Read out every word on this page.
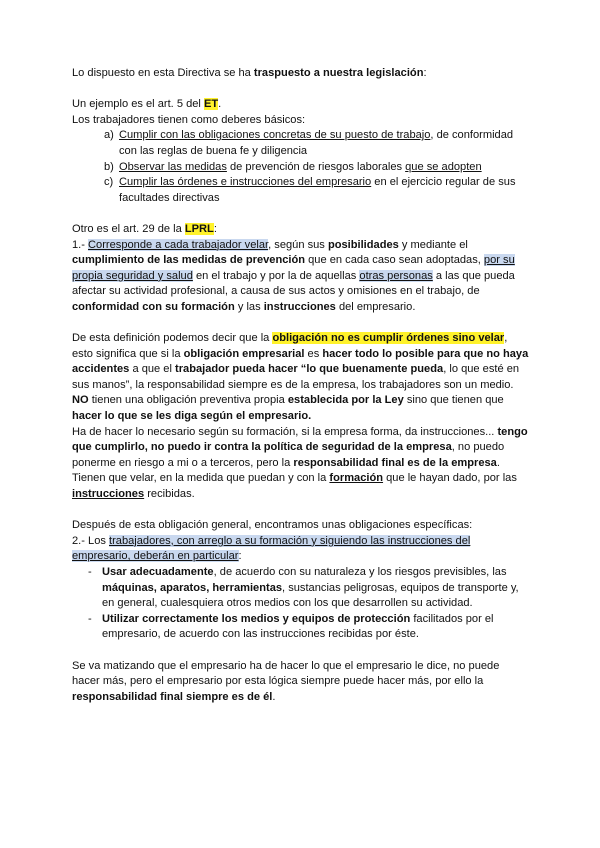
Lo dispuesto en esta Directiva se ha traspuesto a nuestra legislación:

Un ejemplo es el art. 5 del ET.

Los trabajadores tienen como deberes básicos:

a) Cumplir con las obligaciones concretas de su puesto de trabajo, de conformidad con las reglas de buena fe y diligencia
b) Observar las medidas de prevención de riesgos laborales que se adopten
c) Cumplir las órdenes e instrucciones del empresario en el ejercicio regular de sus facultades directivas

Otro es el art. 29 de la LPRL:

1.- Corresponde a cada trabajador velar, según sus posibilidades y mediante el cumplimiento de las medidas de prevención que en cada caso sean adoptadas, por su propia seguridad y salud en el trabajo y por la de aquellas otras personas a las que pueda afectar su actividad profesional, a causa de sus actos y omisiones en el trabajo, de conformidad con su formación y las instrucciones del empresario.

De esta definición podemos decir que la obligación no es cumplir órdenes sino velar, esto significa que si la obligación empresarial es hacer todo lo posible para que no haya accidentes a que el trabajador pueda hacer “lo que buenamente pueda, lo que esté en sus manos”, la responsabilidad siempre es de la empresa, los trabajadores son un medio.

NO tienen una obligación preventiva propia establecida por la Ley sino que tienen que hacer lo que se les diga según el empresario.

Ha de hacer lo necesario según su formación, si la empresa forma, da instrucciones... tengo que cumplirlo, no puedo ir contra la política de seguridad de la empresa, no puedo ponerme en riesgo a mi o a terceros, pero la responsabilidad final es de la empresa.

Tienen que velar, en la medida que puedan y con la formación que le hayan dado, por las instrucciones recibidas.

Después de esta obligación general, encontramos unas obligaciones específicas:

2.- Los trabajadores, con arreglo a su formación y siguiendo las instrucciones del empresario, deberán en particular:

- Usar adecuadamente, de acuerdo con su naturaleza y los riesgos previsibles, las máquinas, aparatos, herramientas, sustancias peligrosas, equipos de transporte y, en general, cualesquiera otros medios con los que desarrollen su actividad.
- Utilizar correctamente los medios y equipos de protección facilitados por el empresario, de acuerdo con las instrucciones recibidas por éste.

Se va matizando que el empresario ha de hacer lo que el empresario le dice, no puede hacer más, pero el empresario por esta lógica siempre puede hacer más, por ello la responsabilidad final siempre es de él.
